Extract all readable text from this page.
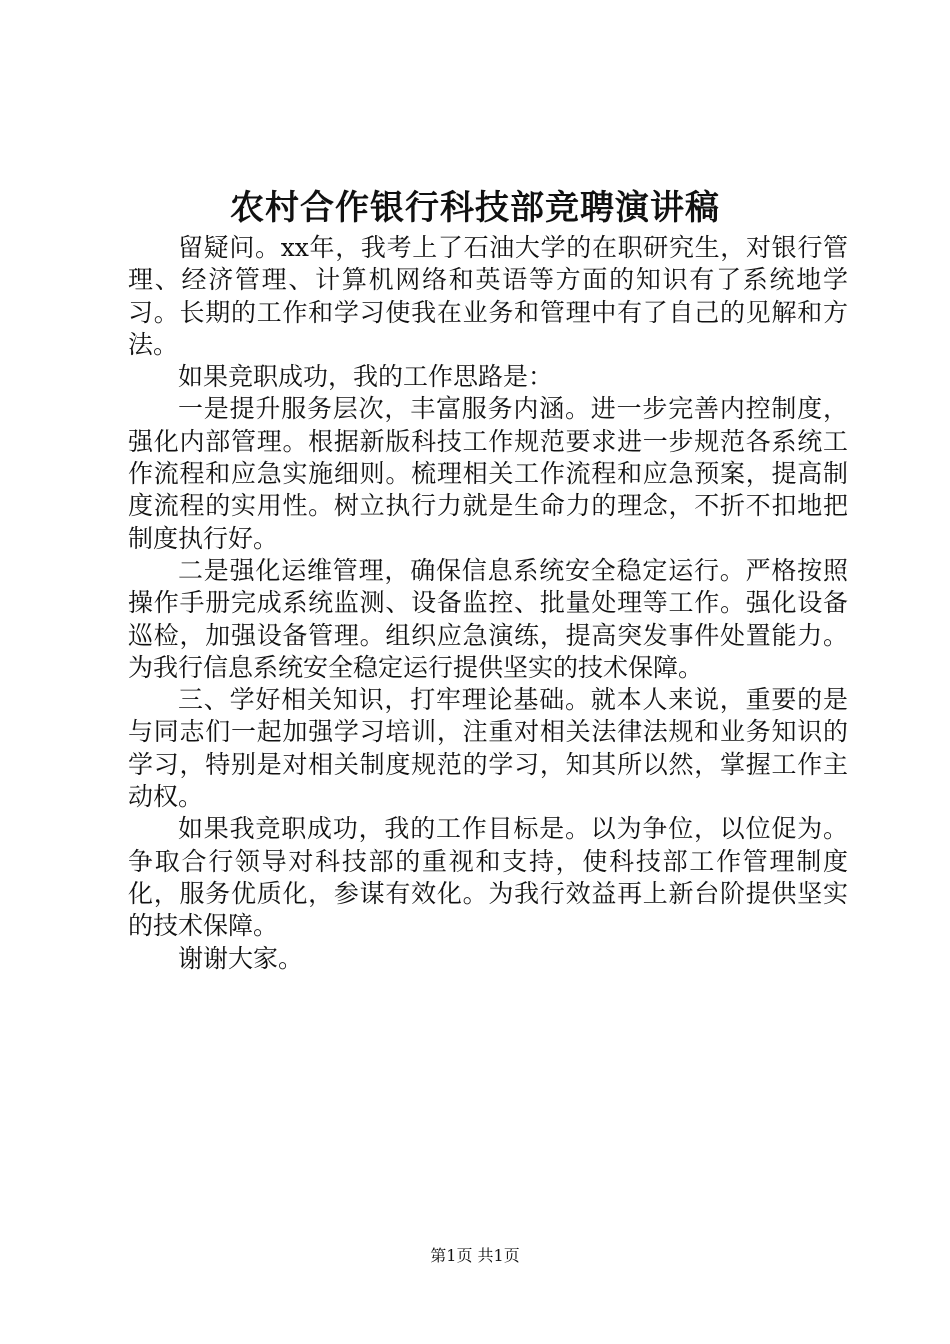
农村合作银行科技部竞聘演讲稿

留疑问。xx年，我考上了石油大学的在职研究生，对银行管理、经济管理、计算机网络和英语等方面的知识有了系统地学习。长期的工作和学习使我在业务和管理中有了自己的见解和方法。

如果竞职成功，我的工作思路是：

一是提升服务层次，丰富服务内涵。进一步完善内控制度，强化内部管理。根据新版科技工作规范要求进一步规范各系统工作流程和应急实施细则。梳理相关工作流程和应急预案，提高制度流程的实用性。树立执行力就是生命力的理念，不折不扣地把制度执行好。

二是强化运维管理，确保信息系统安全稳定运行。严格按照操作手册完成系统监测、设备监控、批量处理等工作。强化设备巡检，加强设备管理。组织应急演练，提高突发事件处置能力。为我行信息系统安全稳定运行提供坚实的技术保障。

三、学好相关知识，打牢理论基础。就本人来说，重要的是与同志们一起加强学习培训，注重对相关法律法规和业务知识的学习，特别是对相关制度规范的学习，知其所以然，掌握工作主动权。

如果我竞职成功，我的工作目标是。以为争位，以位促为。争取合行领导对科技部的重视和支持，使科技部工作管理制度化，服务优质化，参谋有效化。为我行效益再上新台阶提供坚实的技术保障。

谢谢大家。

第1页 共1页
